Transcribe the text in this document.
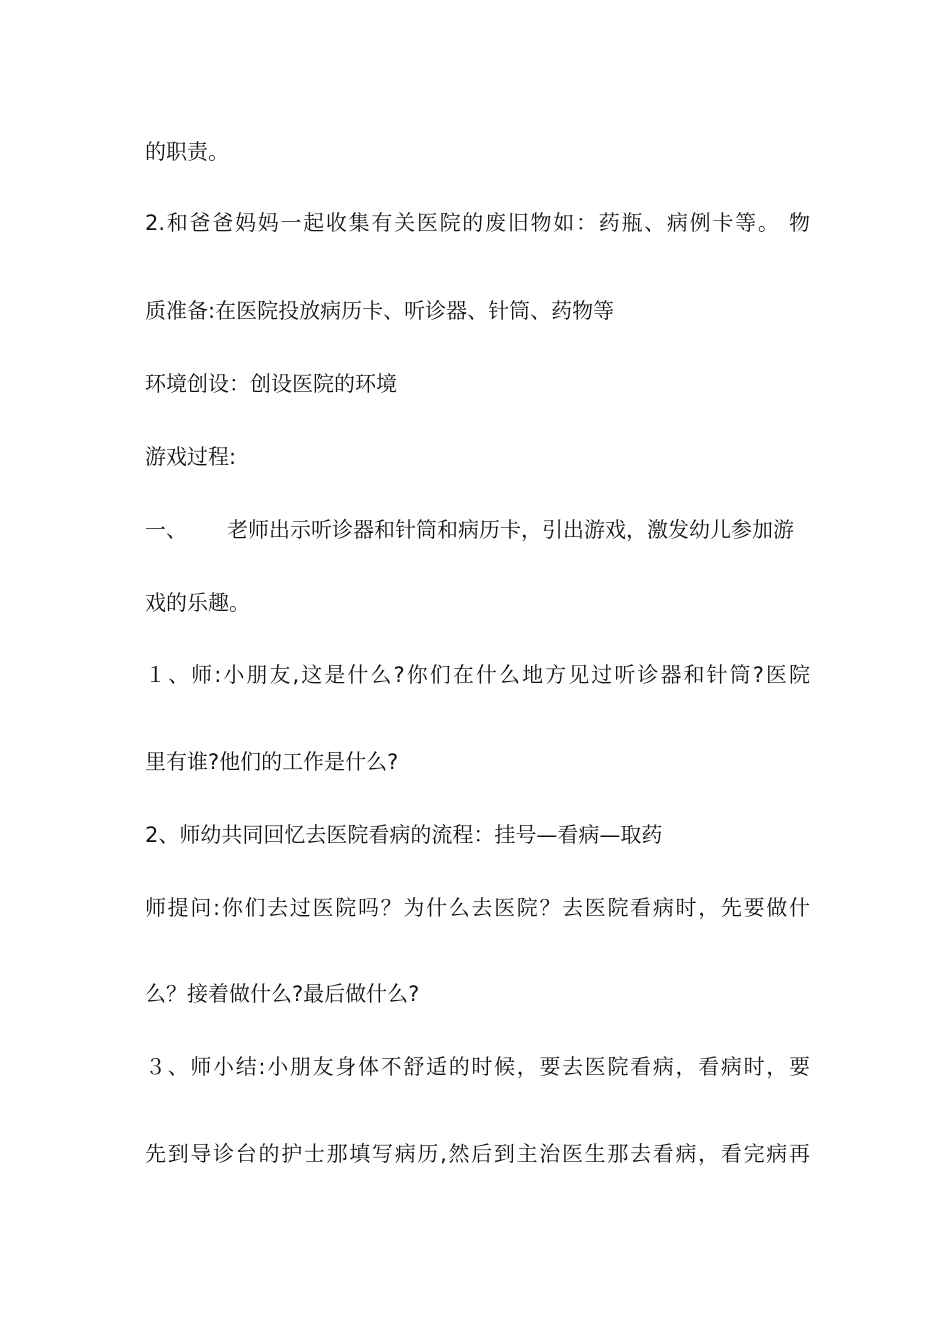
的职责。
2.和爸爸妈妈一起收集有关医院的废旧物如：药瓶、病例卡等。 物
质准备:在医院投放病历卡、听诊器、针筒、药物等
环境创设：创设医院的环境
游戏过程:
一、 老师出示听诊器和针筒和病历卡，引出游戏，激发幼儿参加游
戏的乐趣。
１、师:小朋友,这是什么?你们在什么地方见过听诊器和针筒?医院
里有谁?他们的工作是什么?
2、师幼共同回忆去医院看病的流程：挂号—看病—取药
师提问:你们去过医院吗？为什么去医院？去医院看病时，先要做什
么？接着做什么?最后做什么?
３、师小结:小朋友身体不舒适的时候，要去医院看病，看病时，要
先到导诊台的护士那填写病历,然后到主治医生那去看病，看完病再
